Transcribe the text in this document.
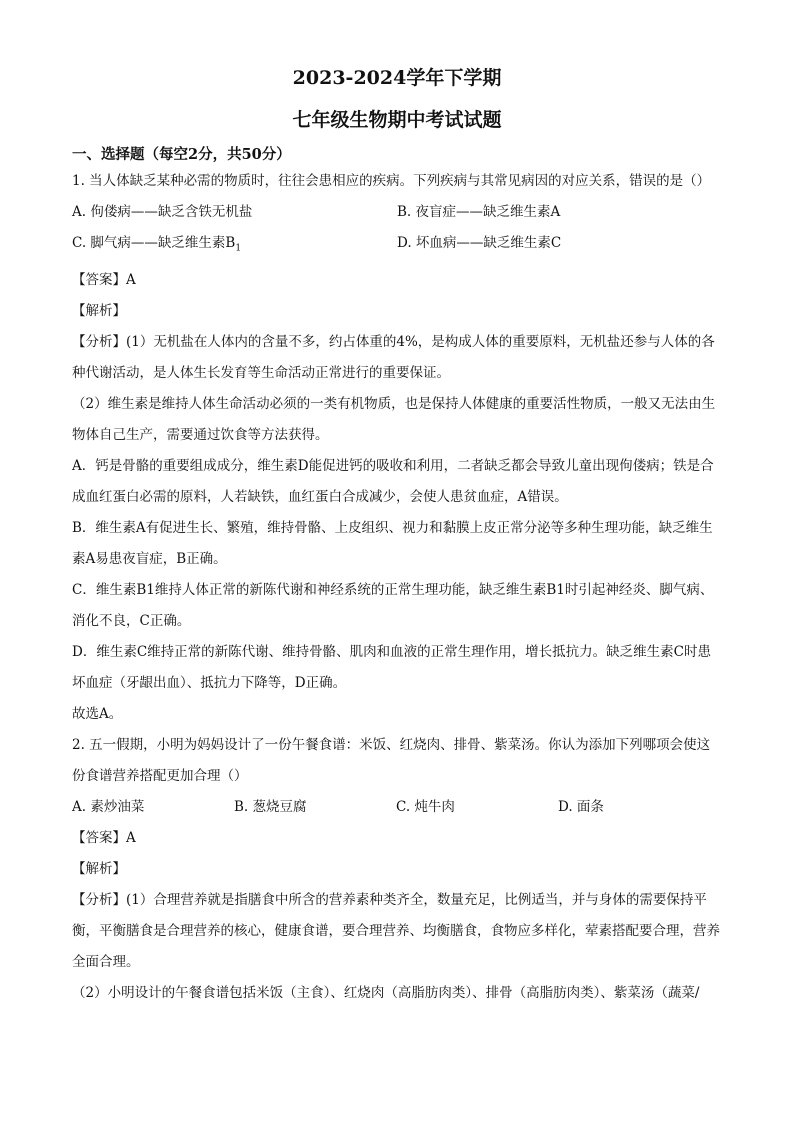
2023-2024学年下学期
七年级生物期中考试试题
一、选择题（每空2分，共50分）

1. 当人体缺乏某种必需的物质时，往往会患相应的疾病。下列疾病与其常见病因的对应关系，错误的是（）

A. 佝偻病——缺乏含铁无机盐	B. 夜盲症——缺乏维生素A
C. 脚气病——缺乏维生素$B_1$	D. 坏血病——缺乏维生素C

【答案】A

【解析】

【分析】(1）无机盐在人体内的含量不多，约占体重的4%，是构成人体的重要原料，无机盐还参与人体的各种代谢活动，是人体生长发育等生命活动正常进行的重要保证。

（2）维生素是维持人体生命活动必须的一类有机物质，也是保持人体健康的重要活性物质，一般又无法由生物体自己生产，需要通过饮食等方法获得。

A．钙是骨骼的重要组成成分，维生素D能促进钙的吸收和利用，二者缺乏都会导致儿童出现佝偻病；铁是合成血红蛋白必需的原料，人若缺铁，血红蛋白合成减少，会使人患贫血症，A错误。

B．维生素A有促进生长、繁殖，维持骨骼、上皮组织、视力和黏膜上皮正常分泌等多种生理功能，缺乏维生素A易患夜盲症，B正确。

C．维生素B1维持人体正常的新陈代谢和神经系统的正常生理功能，缺乏维生素B1时引起神经炎、脚气病、消化不良，C正确。

D．维生素C维持正常的新陈代谢、维持骨骼、肌肉和血液的正常生理作用，增长抵抗力。缺乏维生素C时患坏血症（牙龈出血）、抵抗力下降等，D正确。

故选A。

2. 五一假期，小明为妈妈设计了一份午餐食谱：米饭、红烧肉、排骨、紫菜汤。你认为添加下列哪项会使这份食谱营养搭配更加合理（）

A. 素炒油菜	B. 葱烧豆腐	C. 炖牛肉	D. 面条

【答案】A

【解析】

【分析】(1）合理营养就是指膳食中所含的营养素种类齐全，数量充足，比例适当，并与身体的需要保持平衡，平衡膳食是合理营养的核心，健康食谱，要合理营养、均衡膳食，食物应多样化，荤素搭配要合理，营养全面合理。

（2）小明设计的午餐食谱包括米饭（主食）、红烧肉（高脂肪肉类）、排骨（高脂肪肉类）、紫菜汤（蔬菜/
